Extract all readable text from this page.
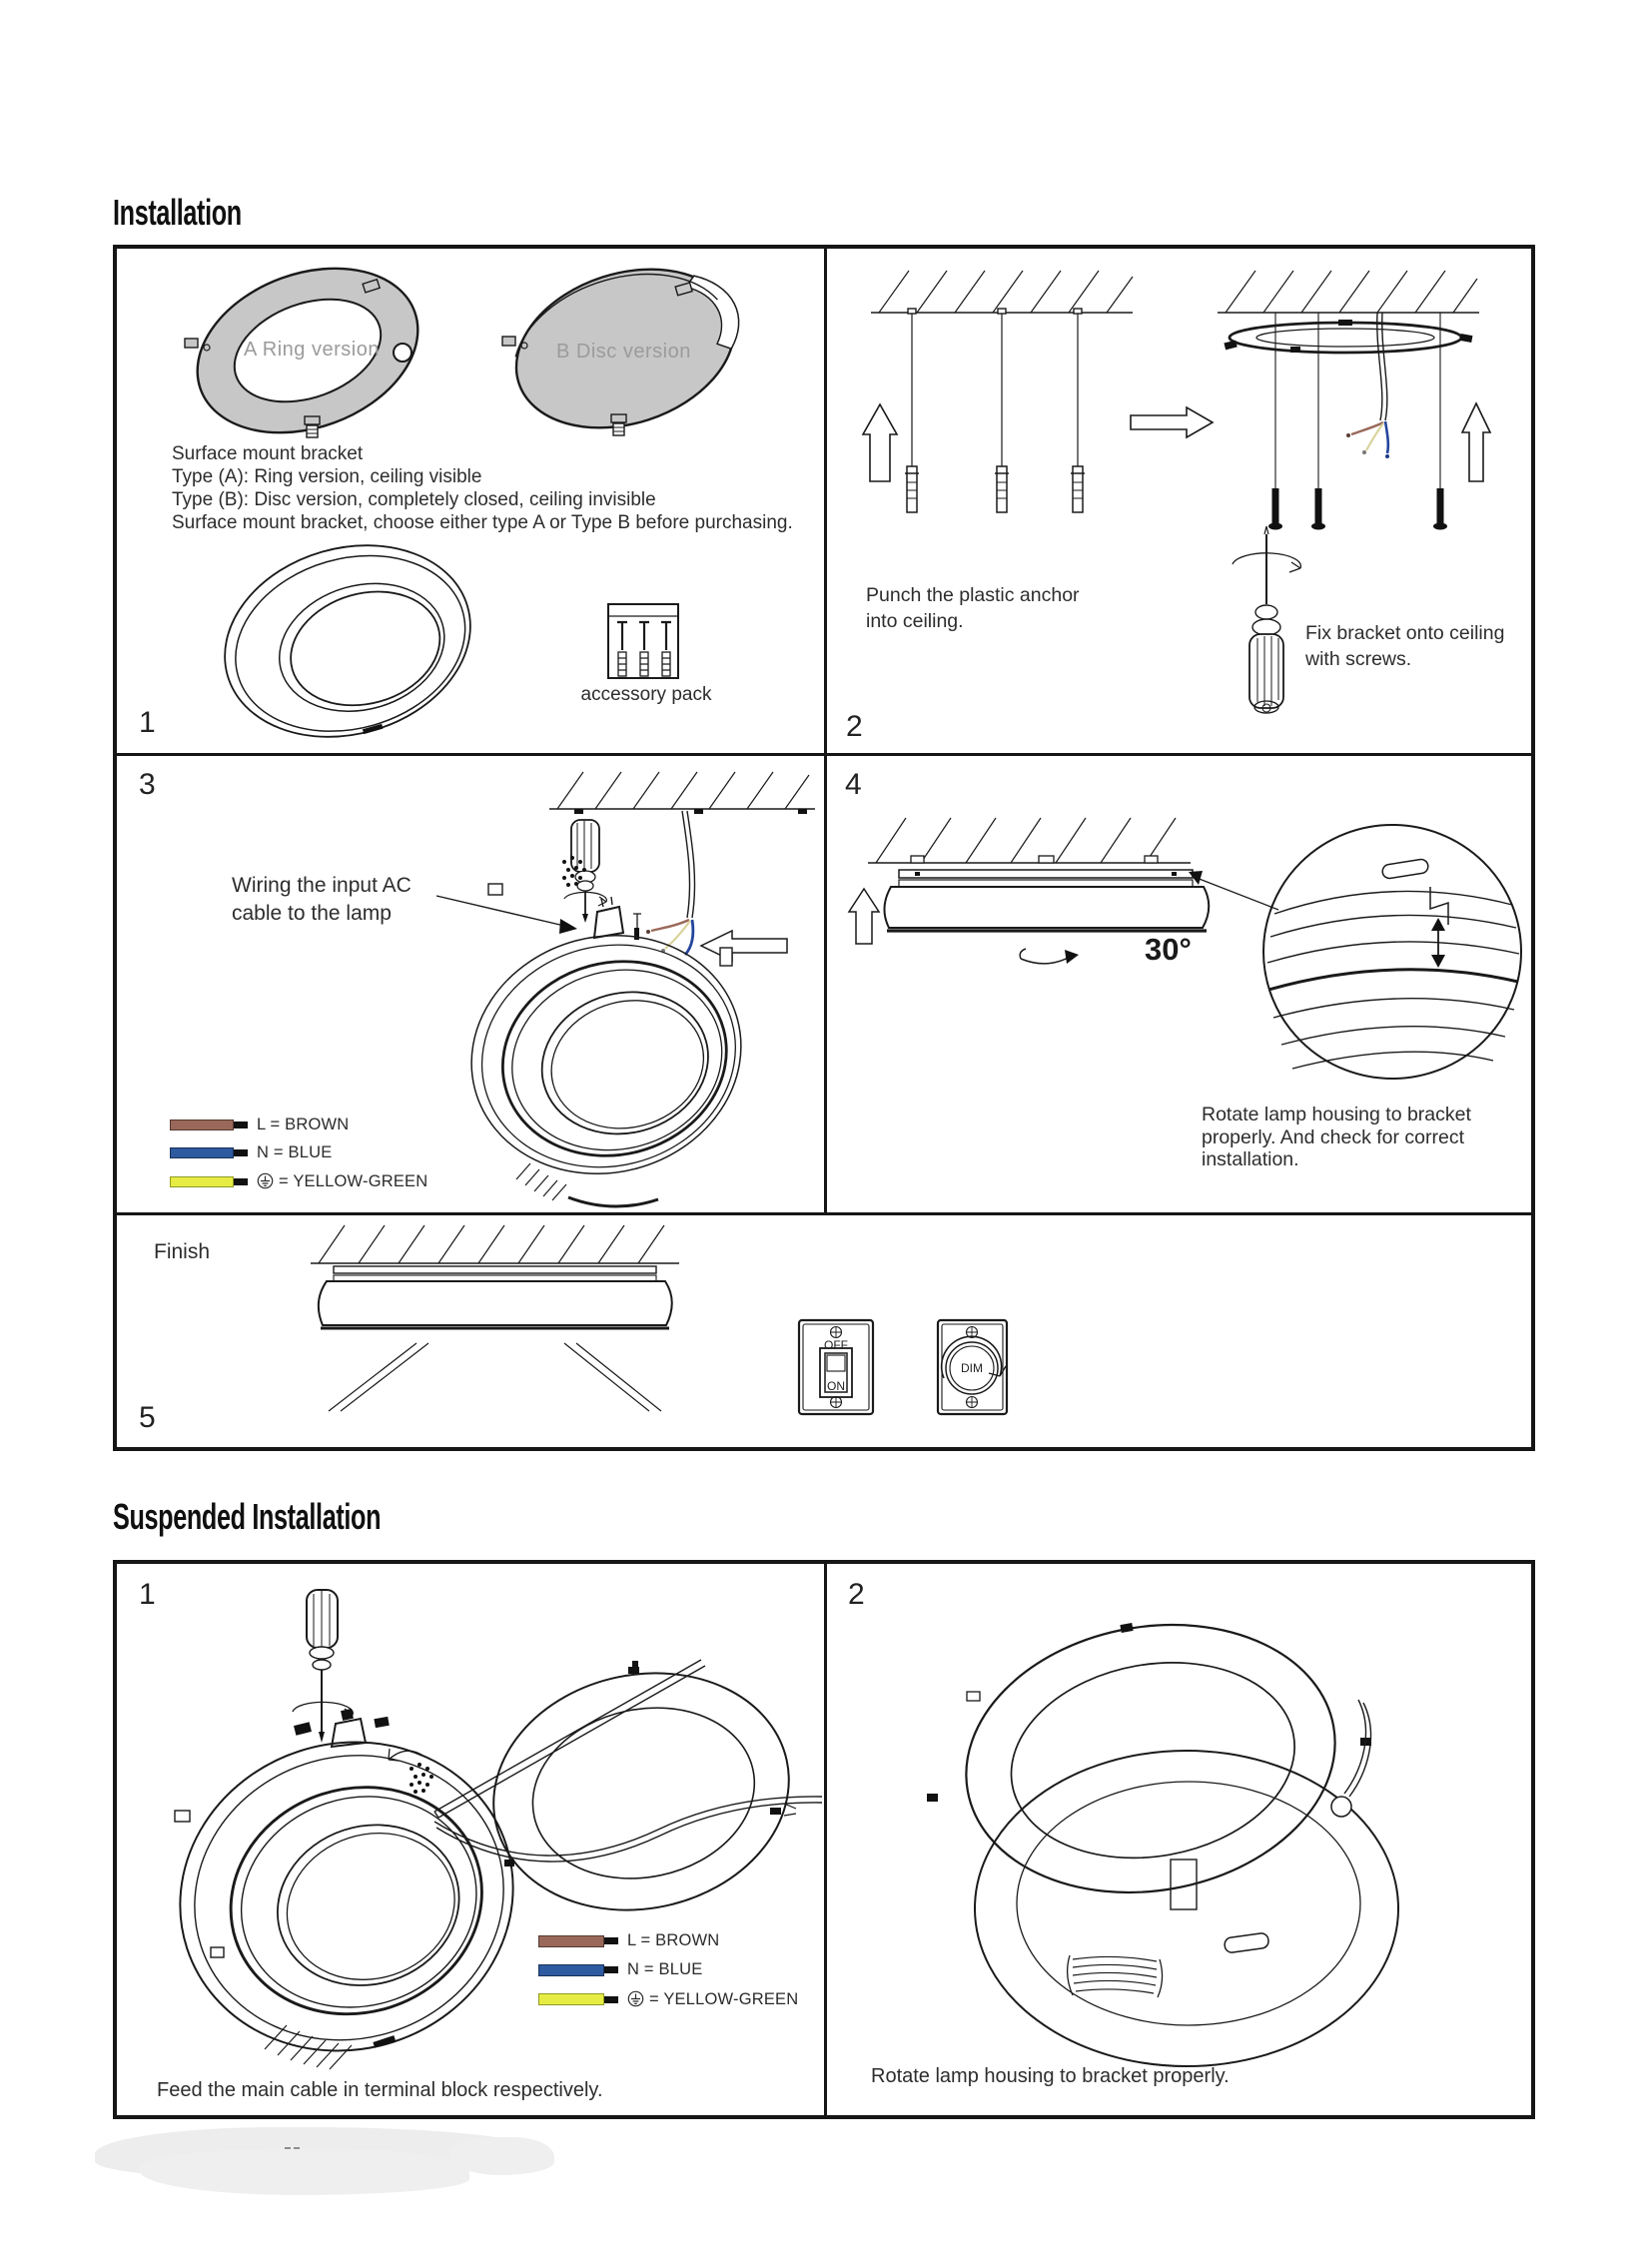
Installation
A Ring version	B Disc version
Surface mount bracket
Type (A): Ring version, ceiling visible
Type (B): Disc version, completely closed, ceiling invisible
Surface mount bracket, choose either type A or Type B before purchasing.
accessory pack
1
Punch the plastic anchor
into ceiling.
Fix bracket onto ceiling
with screws.
2
Wiring the input AC
cable to the lamp
L = BROWN
N = BLUE
= YELLOW-GREEN
3
30°
Rotate lamp housing to bracket
properly. And check for correct
installation.
4
Finish
OFF
ON
DIM
5
Suspended Installation
L = BROWN
N = BLUE
= YELLOW-GREEN
Feed the main cable in terminal block respectively.
1
Rotate lamp housing to bracket properly.
2
